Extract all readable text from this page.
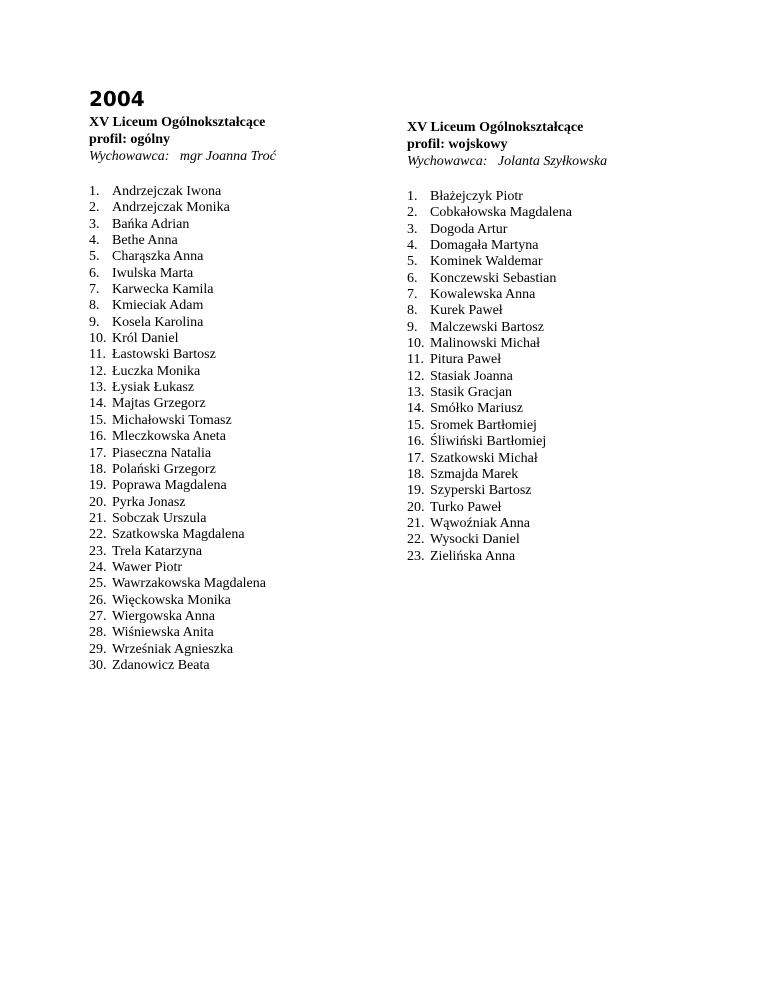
2004

XV Liceum Ogólnokształcące

profil: ogólny

Wychowawca:   mgr Joanna Troć

1. Andrzejczak Iwona
2. Andrzejczak Monika
3. Bańka Adrian
4. Bethe Anna
5. Charąszka Anna
6. Iwulska Marta
7. Karwecka Kamila
8. Kmieciak Adam
9. Kosela Karolina
10. Król Daniel
11. Łastowski Bartosz
12. Łuczka Monika
13. Łysiak Łukasz
14. Majtas Grzegorz
15. Michałowski Tomasz
16. Mleczkowska Aneta
17. Piaseczna Natalia
18. Polański Grzegorz
19. Poprawa Magdalena
20. Pyrka Jonasz
21. Sobczak Urszula
22. Szatkowska Magdalena
23. Trela Katarzyna
24. Wawer Piotr
25. Wawrzakowska Magdalena
26. Więckowska Monika
27. Wiergowska Anna
28. Wiśniewska Anita
29. Wrześniak Agnieszka
30. Zdanowicz Beata

XV Liceum Ogólnokształcące

profil: wojskowy

Wychowawca:   Jolanta Szyłkowska

1. Błażejczyk Piotr
2. Cobkałowska Magdalena
3. Dogoda Artur
4. Domagała Martyna
5. Kominek Waldemar
6. Konczewski Sebastian
7. Kowalewska Anna
8. Kurek Paweł
9. Malczewski Bartosz
10. Malinowski Michał
11. Pitura Paweł
12. Stasiak Joanna
13. Stasik Gracjan
14. Smółko Mariusz
15. Sromek Bartłomiej
16. Śliwiński Bartłomiej
17. Szatkowski Michał
18. Szmajda Marek
19. Szyperski Bartosz
20. Turko Paweł
21. Wąwoźniak Anna
22. Wysocki Daniel
23. Zielińska Anna
